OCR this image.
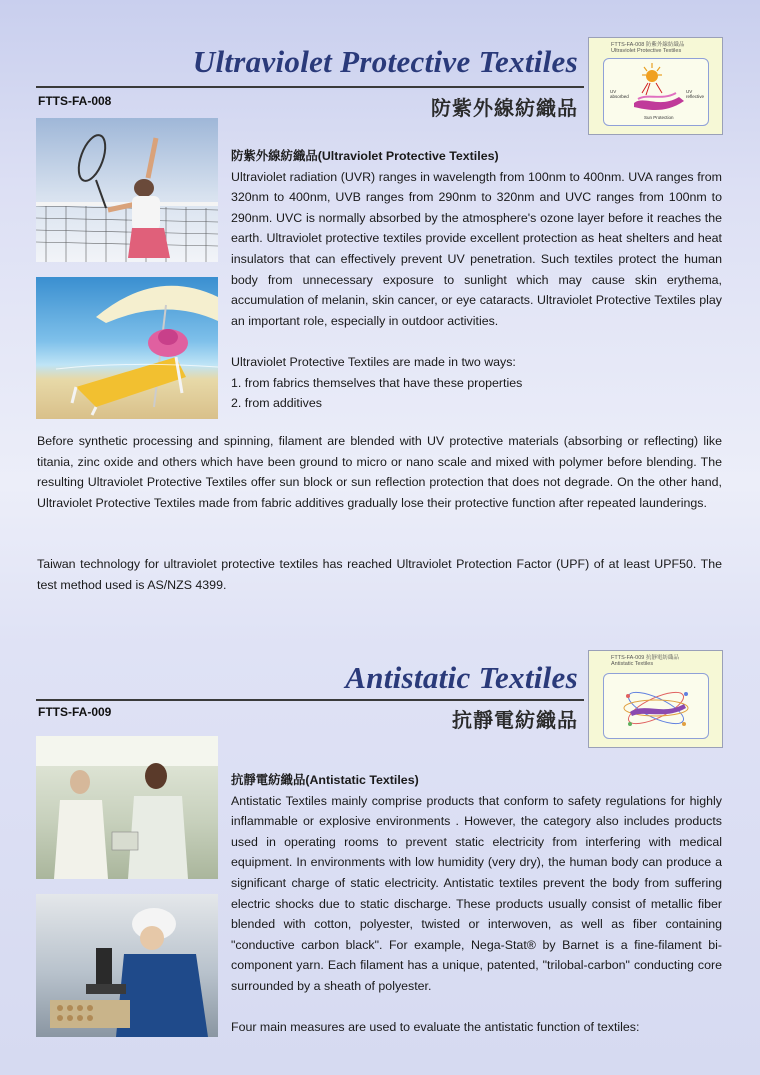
Ultraviolet Protective Textiles
FTTS-FA-008	防紫外線紡織品
FTTS-FA-008 防紫外線紡織品
Ultraviolet Protective Textiles
UV absorbed
UV reflective
Sun Protection

防紫外線紡織品(Ultraviolet Protective Textiles)

Ultraviolet radiation (UVR) ranges in wavelength from 100nm to 400nm. UVA ranges from 320nm to 400nm, UVB ranges from 290nm to 320nm and UVC ranges from 100nm to 290nm. UVC is normally absorbed by the atmosphere's ozone layer before it reaches the earth. Ultraviolet protective textiles provide excellent protection as heat shelters and heat insulators that can effectively prevent UV penetration. Such textiles protect the human body from unnecessary exposure to sunlight which may cause skin erythema, accumulation of melanin, skin cancer, or eye cataracts. Ultraviolet Protective Textiles play an important role, especially in outdoor activities.

Ultraviolet Protective Textiles are made in two ways:

1. from fabrics themselves that have these properties

2. from additives

Before synthetic processing and spinning, filament are blended with UV protective materials (absorbing or reflecting) like titania, zinc oxide and others which have been ground to micro or nano scale and mixed with polymer before blending. The resulting Ultraviolet Protective Textiles offer sun block or sun reflection protection that does not degrade. On the other hand, Ultraviolet Protective Textiles made from fabric additives gradually lose their protective function after repeated launderings.
Taiwan technology for ultraviolet protective textiles has reached Ultraviolet Protection Factor (UPF) of at least UPF50. The test method used is AS/NZS 4399.
Antistatic Textiles
FTTS-FA-009	抗靜電紡織品
FTTS-FA-009 抗靜電紡織品
Antistatic Textiles

抗靜電紡織品(Antistatic Textiles)

Antistatic Textiles mainly comprise products that conform to safety regulations for highly inflammable or explosive environments . However, the category also includes products used in operating rooms to prevent static electricity from interfering with medical equipment. In environments with low humidity (very dry), the human body can produce a significant charge of static electricity. Antistatic textiles prevent the body from suffering electric shocks due to static discharge. These products usually consist of metallic fiber blended with cotton, polyester, twisted or interwoven, as well as fiber containing "conductive carbon black". For example, Nega-Stat® by Barnet is a fine-filament bi-component yarn. Each filament has a unique, patented, "trilobal-carbon" conducting core surrounded by a sheath of polyester.

Four main measures are used to evaluate the antistatic function of textiles:
